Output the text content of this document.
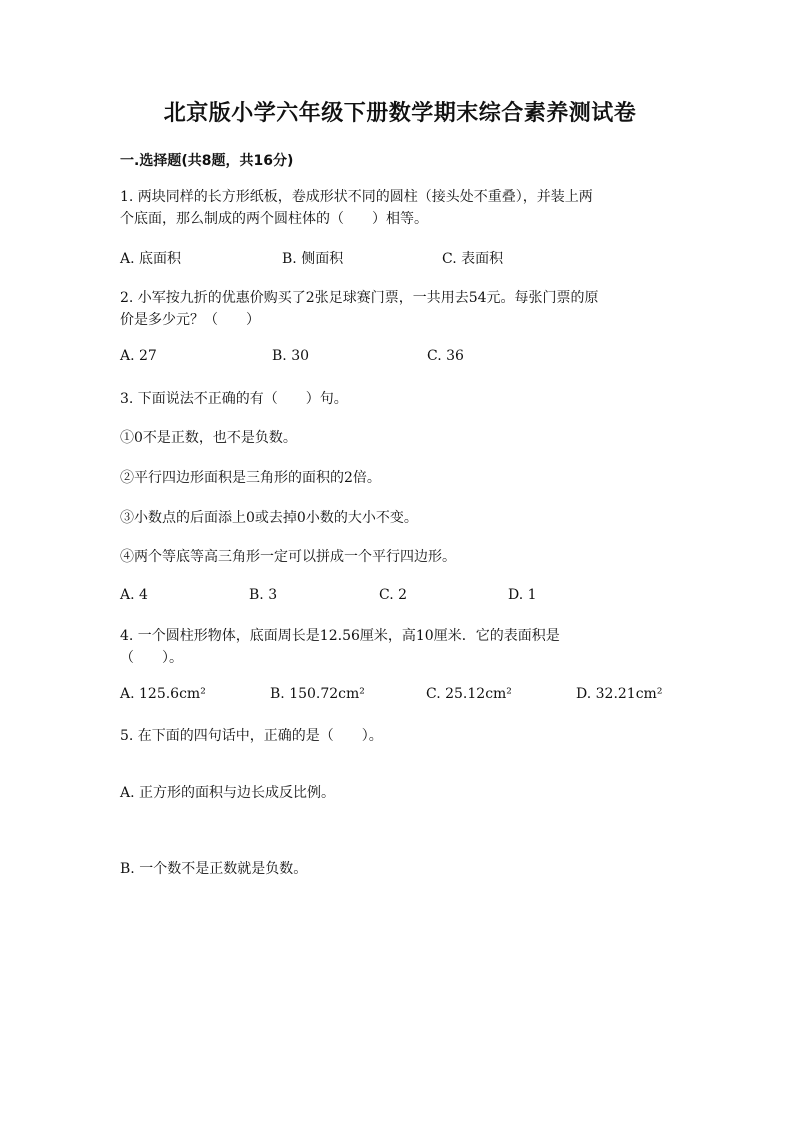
北京版小学六年级下册数学期末综合素养测试卷
一.选择题(共8题，共16分)
1. 两块同样的长方形纸板，卷成形状不同的圆柱（接头处不重叠），并装上两
个底面，那么制成的两个圆柱体的（　　）相等。
A. 底面积	B. 侧面积	C. 表面积
2. 小军按九折的优惠价购买了2张足球赛门票，一共用去54元。每张门票的原
价是多少元？（　　）
A. 27	B. 30	C. 36
3. 下面说法不正确的有（　　）句。
①0不是正数，也不是负数。
②平行四边形面积是三角形的面积的2倍。
③小数点的后面添上0或去掉0小数的大小不变。
④两个等底等高三角形一定可以拼成一个平行四边形。
A. 4	B. 3	C. 2	D. 1
4. 一个圆柱形物体，底面周长是12.56厘米，高10厘米．它的表面积是
（　　）。
A. 125.6cm²	B. 150.72cm²	C. 25.12cm²	D. 32.21cm²
5. 在下面的四句话中，正确的是（　　）。
A. 正方形的面积与边长成反比例。
B. 一个数不是正数就是负数。
